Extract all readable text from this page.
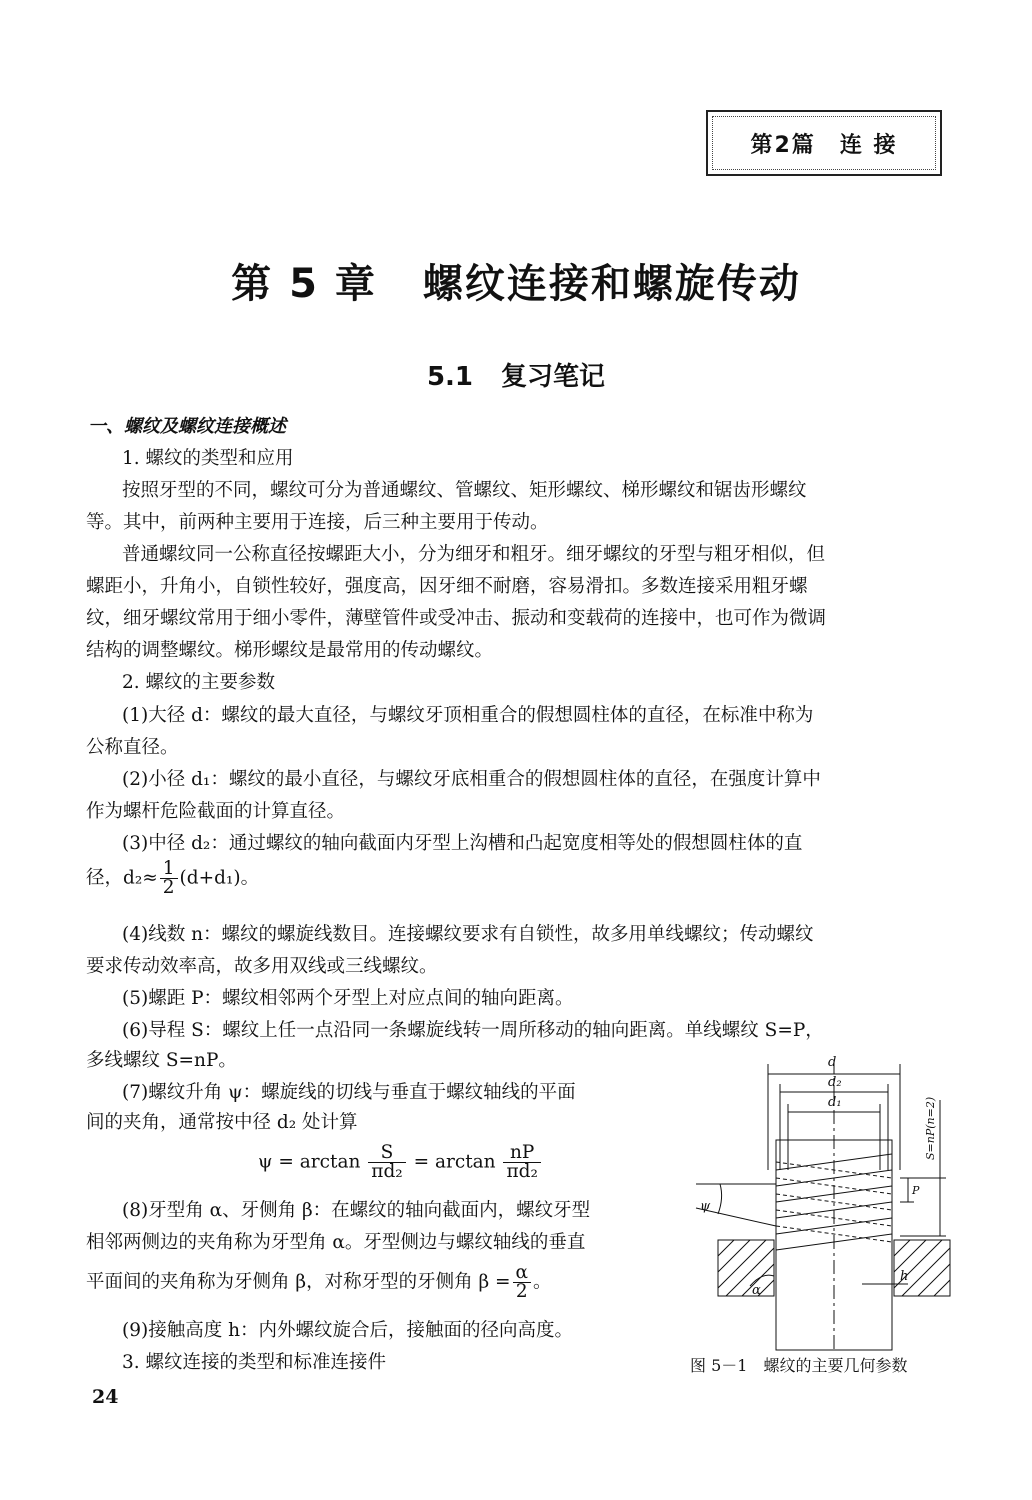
第2篇 连 接
第 5 章 螺纹连接和螺旋传动
5.1 复习笔记
一、螺纹及螺纹连接概述
1. 螺纹的类型和应用
按照牙型的不同，螺纹可分为普通螺纹、管螺纹、矩形螺纹、梯形螺纹和锯齿形螺纹
等。其中，前两种主要用于连接，后三种主要用于传动。
普通螺纹同一公称直径按螺距大小，分为细牙和粗牙。细牙螺纹的牙型与粗牙相似，但
螺距小，升角小，自锁性较好，强度高，因牙细不耐磨，容易滑扣。多数连接采用粗牙螺
纹，细牙螺纹常用于细小零件，薄壁管件或受冲击、振动和变载荷的连接中，也可作为微调
结构的调整螺纹。梯形螺纹是最常用的传动螺纹。
2. 螺纹的主要参数
(1)大径 d：螺纹的最大直径，与螺纹牙顶相重合的假想圆柱体的直径，在标准中称为
公称直径。
(2)小径 d₁：螺纹的最小直径，与螺纹牙底相重合的假想圆柱体的直径，在强度计算中
作为螺杆危险截面的计算直径。
(3)中径 d₂：通过螺纹的轴向截面内牙型上沟槽和凸起宽度相等处的假想圆柱体的直
径，$d_2\approx \frac{1}{2} (d+d_1)$。
(4)线数 n：螺纹的螺旋线数目。连接螺纹要求有自锁性，故多用单线螺纹；传动螺纹
要求传动效率高，故多用双线或三线螺纹。
(5)螺距 P：螺纹相邻两个牙型上对应点间的轴向距离。
(6)导程 S：螺纹上任一点沿同一条螺旋线转一周所移动的轴向距离。单线螺纹 S=P，
多线螺纹 S=nP。
(7)螺纹升角 ψ：螺旋线的切线与垂直于螺纹轴线的平面
间的夹角，通常按中径 d₂ 处计算
$\psi = \arctan \frac{S}{\text{πd₂}} = \arctan \frac{nP}{\text{πd₂}}$
(8)牙型角 α、牙侧角 β：在螺纹的轴向截面内，螺纹牙型
相邻两侧边的夹角称为牙型角 α。牙型侧边与螺纹轴线的垂直
平面间的夹角称为牙侧角 β，对称牙型的牙侧角 $\beta = \frac{\alpha}{2}$ 。
(9)接触高度 h：内外螺纹旋合后，接触面的径向高度。
3. 螺纹连接的类型和标准连接件
d
d₂
d₁	S=nP(n=2)
P
ψ
h
α
图 5－1　螺纹的主要几何参数
24
